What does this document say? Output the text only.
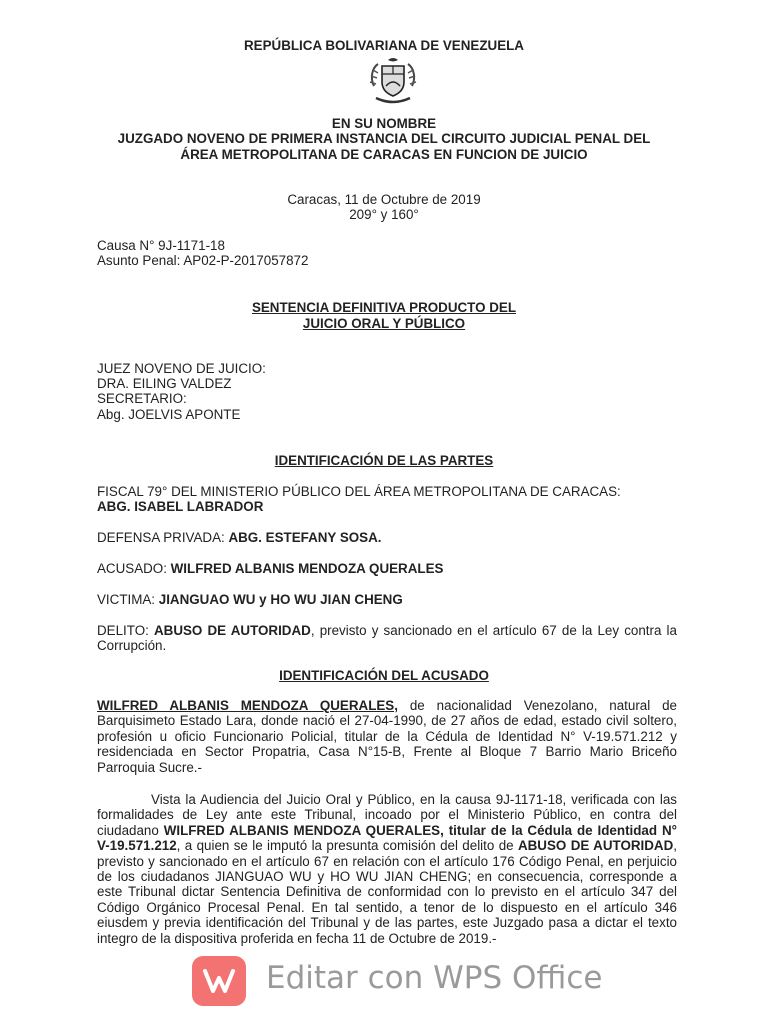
REPÚBLICA BOLIVARIANA DE VENEZUELA
EN SU NOMBRE
JUZGADO NOVENO DE PRIMERA INSTANCIA DEL CIRCUITO JUDICIAL PENAL DEL
ÁREA METROPOLITANA DE CARACAS EN FUNCION DE JUICIO
Caracas, 11 de Octubre de 2019
209° y 160°
Causa N° 9J-1171-18
Asunto Penal: AP02-P-2017057872
SENTENCIA DEFINITIVA PRODUCTO DEL
JUICIO ORAL Y PÚBLICO
JUEZ NOVENO DE JUICIO:
DRA. EILING VALDEZ
SECRETARIO:
Abg. JOELVIS APONTE
IDENTIFICACIÓN DE LAS PARTES
FISCAL 79° DEL MINISTERIO PÚBLICO DEL ÁREA METROPOLITANA DE CARACAS:
ABG. ISABEL LABRADOR
DEFENSA PRIVADA: ABG. ESTEFANY SOSA.
ACUSADO: WILFRED ALBANIS MENDOZA QUERALES
VICTIMA: JIANGUAO WU y HO WU JIAN CHENG
DELITO: ABUSO DE AUTORIDAD, previsto y sancionado en el artículo 67 de la Ley contra la Corrupción.
IDENTIFICACIÓN DEL ACUSADO
WILFRED ALBANIS MENDOZA QUERALES, de nacionalidad Venezolano, natural de Barquisimeto Estado Lara, donde nació el 27-04-1990, de 27 años de edad, estado civil soltero, profesión u oficio Funcionario Policial, titular de la Cédula de Identidad N° V-19.571.212 y residenciada en Sector Propatria, Casa N°15-B, Frente al Bloque 7 Barrio Mario Briceño Parroquia Sucre.-
Vista la Audiencia del Juicio Oral y Público, en la causa 9J-1171-18, verificada con las formalidades de Ley ante este Tribunal, incoado por el Ministerio Público, en contra del ciudadano WILFRED ALBANIS MENDOZA QUERALES, titular de la Cédula de Identidad N° V-19.571.212, a quien se le imputó la presunta comisión del delito de ABUSO DE AUTORIDAD, previsto y sancionado en el artículo 67 en relación con el artículo 176 Código Penal, en perjuicio de los ciudadanos JIANGUAO WU y HO WU JIAN CHENG; en consecuencia, corresponde a este Tribunal dictar Sentencia Definitiva de conformidad con lo previsto en el artículo 347 del Código Orgánico Procesal Penal. En tal sentido, a tenor de lo dispuesto en el artículo 346 eiusdem y previa identificación del Tribunal y de las partes, este Juzgado pasa a dictar el texto integro de la dispositiva proferida en fecha 11 de Octubre de 2019.-
Editar con WPS Office
